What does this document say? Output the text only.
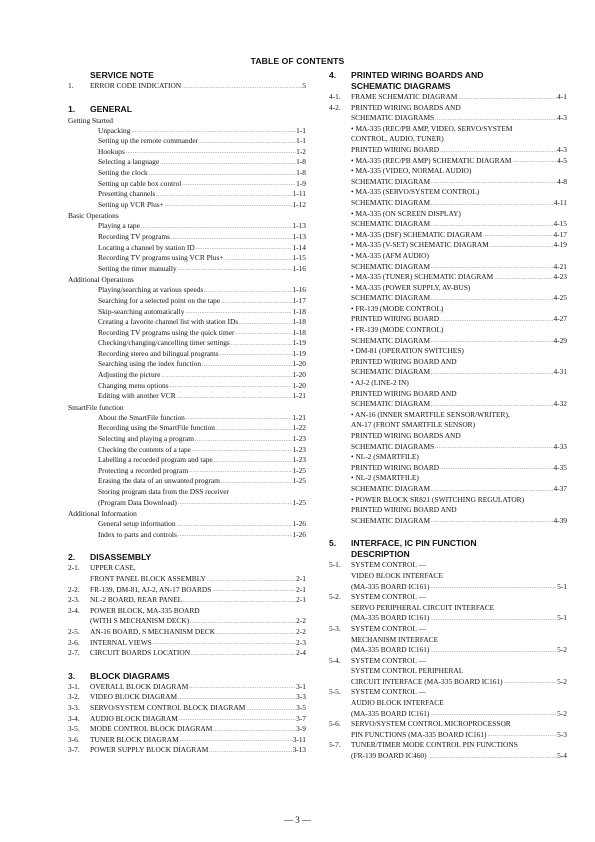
TABLE OF CONTENTS
SERVICE NOTE
1.	ERROR CODE INDICATION .....	5
1.	GENERAL
Getting Started
Unpacking .....	1-1
Setting up the remote commander .....	1-1
Hookups .....	1-2
Selecting a language .....	1-8
Setting the clock .....	1-8
Setting up cable box control .....	1-9
Presetting channels .....	1-11
Setting up VCR Plus+ .....	1-12
Basic Operations
Playing a tape .....	1-13
Recording TV programs .....	1-13
Locating a channel by station ID .....	1-14
Recording TV programs using VCR Plus+ .....	1-15
Setting the timer manually .....	1-16
Additional Operations
Playing/searching at various speeds .....	1-16
Searching for a selected point on the tape .....	1-17
Skip-searching automatically .....	1-18
Creating a favorite channel list with station IDs .....	1-18
Recording TV programs using the quick timer .....	1-18
Checking/changing/cancelling timer settings .....	1-19
Recording stereo and bilingual programs .....	1-19
Searching using the index function .....	1-20
Adjusting the picture .....	1-20
Changing menu options .....	1-20
Editing with another VCR .....	1-21
SmartFile function
About the SmartFile function .....	1-21
Recording using the SmartFile function .....	1-22
Selecting and playing a program .....	1-23
Checking the contents of a tape .....	1-23
Labelling a recorded program and tape .....	1-23
Protecting a recorded program .....	1-25
Erasing the data of an unwanted program .....	1-25
Storing program data from the DSS receiver
(Program Data Download) .....	1-25
Additional Information
General setup information .....	1-26
Index to parts and controls .....	1-26
2.	DISASSEMBLY
2-1.	UPPER CASE,
FRONT PANEL BLOCK ASSEMBLY .....	2-1
2-2.	FR-139, DM-81, AJ-2, AN-17 BOARDS .....	2-1
2-3.	NL-2 BOARD, REAR PANEL .....	2-1
2-4.	POWER BLOCK, MA-335 BOARD
(WITH S MECHANISM DECK) .....	2-2
2-5.	AN-16 BOARD, S MECHANISM DECK .....	2-2
2-6.	INTERNAL VIEWS .....	2-3
2-7.	CIRCUIT BOARDS LOCATION .....	2-4
3.	BLOCK DIAGRAMS
3-1.	OVERALL BLOCK DIAGRAM .....	3-1
3-2.	VIDEO BLOCK DIAGRAM .....	3-3
3-3.	SERVO/SYSTEM CONTROL BLOCK DIAGRAM .....	3-5
3-4.	AUDIO BLOCK DIAGRAM .....	3-7
3-5.	MODE CONTROL BLOCK DIAGRAM .....	3-9
3-6.	TUNER BLOCK DIAGRAM .....	3-11
3-7.	POWER SUPPLY BLOCK DIAGRAM .....	3-13
4.	PRINTED WIRING BOARDS AND
SCHEMATIC DIAGRAMS
4-1.	FRAME SCHEMATIC DIAGRAM .....	4-1
4-2.	PRINTED WIRING BOARDS AND
SCHEMATIC DIAGRAMS .....	4-3
• MA-335 (REC/PB AMP, VIDEO, SERVO/SYSTEM
CONTROL, AUDIO, TUNER)
PRINTED WIRING BOARD .....	4-3
• MA-335 (REC/PB AMP) SCHEMATIC DIAGRAM .....	4-5
• MA-335 (VIDEO, NORMAL AUDIO)
SCHEMATIC DIAGRAM .....	4-8
• MA-335 (SERVO/SYSTEM CONTROL)
SCHEMATIC DIAGRAM .....	4-11
• MA-335 (ON SCREEN DISPLAY)
SCHEMATIC DIAGRAM .....	4-15
• MA-335 (DSF) SCHEMATIC DIAGRAM .....	4-17
• MA-335 (V-SET) SCHEMATIC DIAGRAM .....	4-19
• MA-335 (AFM AUDIO)
SCHEMATIC DIAGRAM .....	4-21
• MA-335 (TUNER) SCHEMATIC DIAGRAM .....	4-23
• MA-335 (POWER SUPPLY, AV-BUS)
SCHEMATIC DIAGRAM .....	4-25
• FR-139 (MODE CONTROL)
PRINTED WIRING BOARD .....	4-27
• FR-139 (MODE CONTROL)
SCHEMATIC DIAGRAM .....	4-29
• DM-81 (OPERATION SWITCHES)
PRINTED WIRING BOARD AND
SCHEMATIC DIAGRAM .....	4-31
• AJ-2 (LINE-2 IN)
PRINTED WIRING BOARD AND
SCHEMATIC DIAGRAM .....	4-32
• AN-16 (INNER SMARTFILE SENSOR/WRITER),
AN-17 (FRONT SMARTFILE SENSOR)
PRINTED WIRING BOARDS AND
SCHEMATIC DIAGRAMS .....	4-33
• NL-2 (SMARTFILE)
PRINTED WIRING BOARD .....	4-35
• NL-2 (SMARTFILE)
SCHEMATIC DIAGRAM .....	4-37
• POWER BLOCK SR821 (SWITCHING REGULATOR)
PRINTED WIRING BOARD AND
SCHEMATIC DIAGRAM .....	4-39
5.	INTERFACE, IC PIN FUNCTION
DESCRIPTION
5-1.	SYSTEM CONTROL —
VIDEO BLOCK INTERFACE
(MA-335 BOARD IC161) .....	5-1
5-2.	SYSTEM CONTROL —
SERVO PERIPHERAL CIRCUIT INTERFACE
(MA-335 BOARD IC161) .....	5-1
5-3.	SYSTEM CONTROL —
MECHANISM INTERFACE
(MA-335 BOARD IC161) .....	5-2
5-4.	SYSTEM CONTROL —
SYSTEM CONTROL PERIPHERAL
CIRCUIT INTERFACE (MA-335 BOARD IC161) .....	5-2
5-5.	SYSTEM CONTROL —
AUDIO BLOCK INTERFACE
(MA-335 BOARD IC161) .....	5-2
5-6.	SERVO/SYSTEM CONTROL MICROPROCESSOR
PIN FUNCTIONS (MA-335 BOARD IC161) .....	5-3
5-7.	TUNER/TIMER MODE CONTROL PIN FUNCTIONS
(FR-139 BOARD IC460) .....	5-4
— 3 —
